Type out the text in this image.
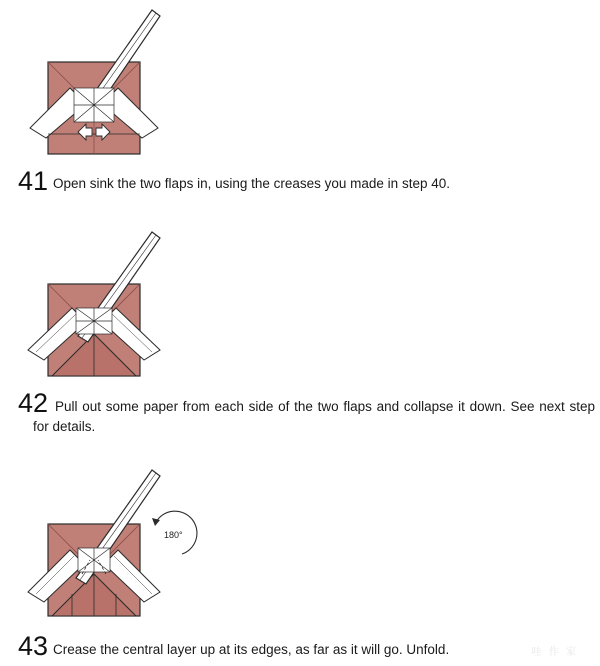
41 Open sink the two flaps in, using the creases you made in step 40.

42 Pull out some paper from each side of the two flaps and collapse it down. See next step for details.

180°
43 Crease the central layer up at its edges, as far as it will go. Unfold.	哇 作 家
